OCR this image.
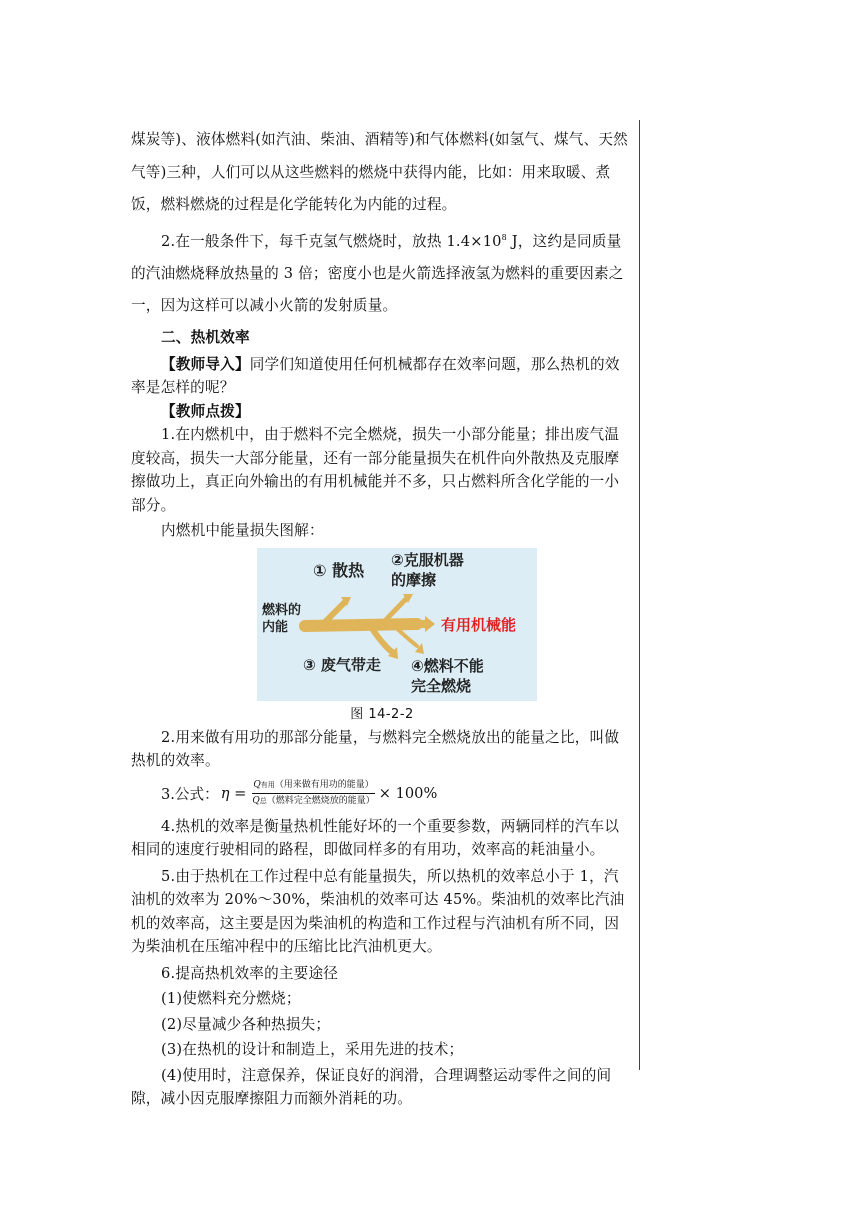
煤炭等)、液体燃料(如汽油、柴油、酒精等)和气体燃料(如氢气、煤气、天然气等)三种，人们可以从这些燃料的燃烧中获得内能，比如：用来取暖、煮饭，燃料燃烧的过程是化学能转化为内能的过程。

2.在一般条件下，每千克氢气燃烧时，放热 $1.4\times 10^8$ J，这约是同质量的汽油燃烧释放热量的 3 倍；密度小也是火箭选择液氢为燃料的重要因素之一，因为这样可以减小火箭的发射质量。

二、热机效率

【教师导入】同学们知道使用任何机械都存在效率问题，那么热机的效率是怎样的呢？

【教师点拨】

1.在内燃机中，由于燃料不完全燃烧，损失一小部分能量；排出废气温度较高，损失一大部分能量，还有一部分能量损失在机件向外散热及克服摩擦做功上，真正向外输出的有用机械能并不多，只占燃料所含化学能的一小部分。

内燃机中能量损失图解：

燃料的
内能
① 散热
②克服机器
的摩擦
③ 废气带走 ④燃料不能
完全燃烧
有用机械能

图 14-2-2

2.用来做有用功的那部分能量，与燃料完全燃烧放出的能量之比，叫做热机的效率。

3.公式： $\eta = \frac{\text{Q有用（用来做有用功的能量）}}{\text{Q总（燃料完全燃烧放的能量）}} \times 100\%$

4.热机的效率是衡量热机性能好坏的一个重要参数，两辆同样的汽车以相同的速度行驶相同的路程，即做同样多的有用功，效率高的耗油量小。

5.由于热机在工作过程中总有能量损失，所以热机的效率总小于 1，汽油机的效率为 20%～30%，柴油机的效率可达 45%。柴油机的效率比汽油机的效率高，这主要是因为柴油机的构造和工作过程与汽油机有所不同，因为柴油机在压缩冲程中的压缩比比汽油机更大。

6.提高热机效率的主要途径

(1)使燃料充分燃烧；

(2)尽量减少各种热损失；

(3)在热机的设计和制造上，采用先进的技术；

(4)使用时，注意保养，保证良好的润滑，合理调整运动零件之间的间隙，减小因克服摩擦阻力而额外消耗的功。
